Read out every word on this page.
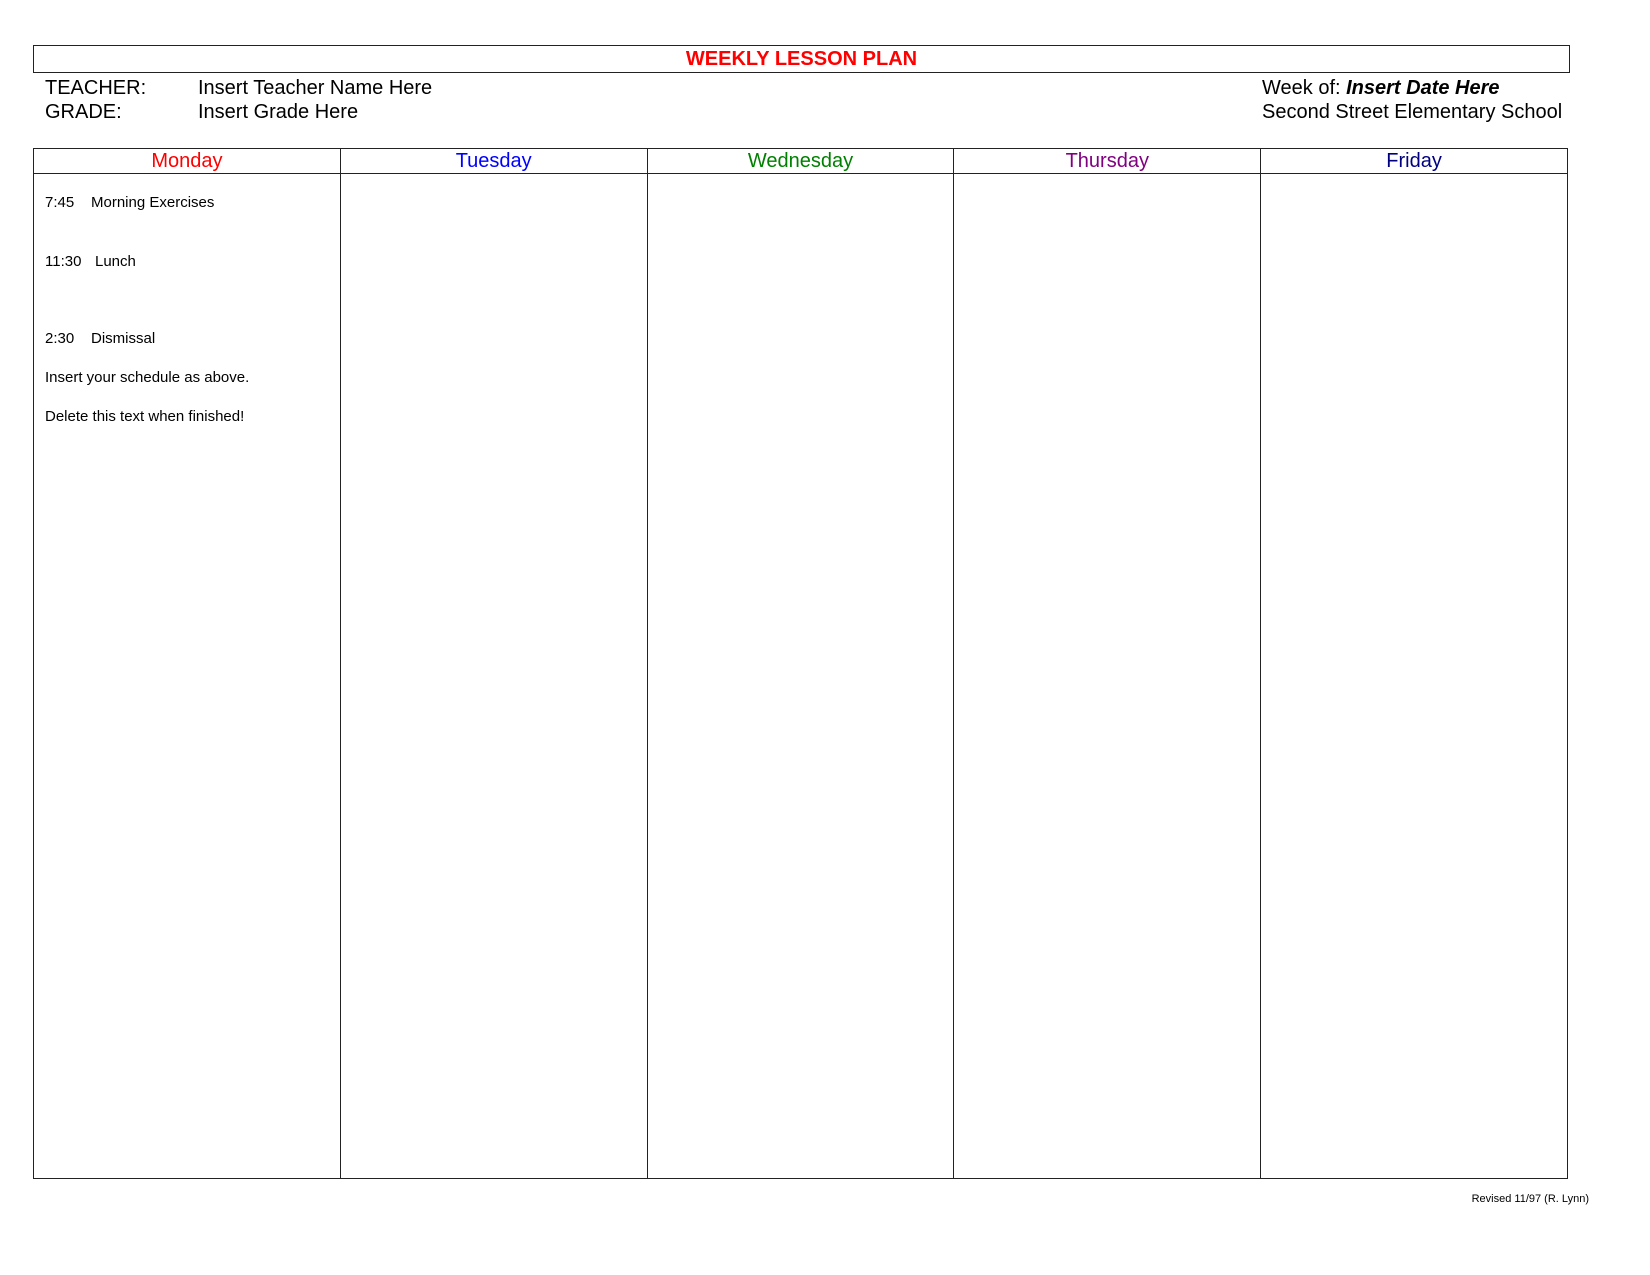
WEEKLY LESSON PLAN
TEACHER:	Insert Teacher Name Here
GRADE:	Insert Grade Here
Week of: Insert Date Here
Second Street Elementary School
Monday	Tuesday	Wednesday	Thursday	Friday

7:45 Morning Exercises
11:30 Lunch
2:30 Dismissal
Insert your schedule as above.
Delete this text when finished!				

Revised 11/97 (R. Lynn)
